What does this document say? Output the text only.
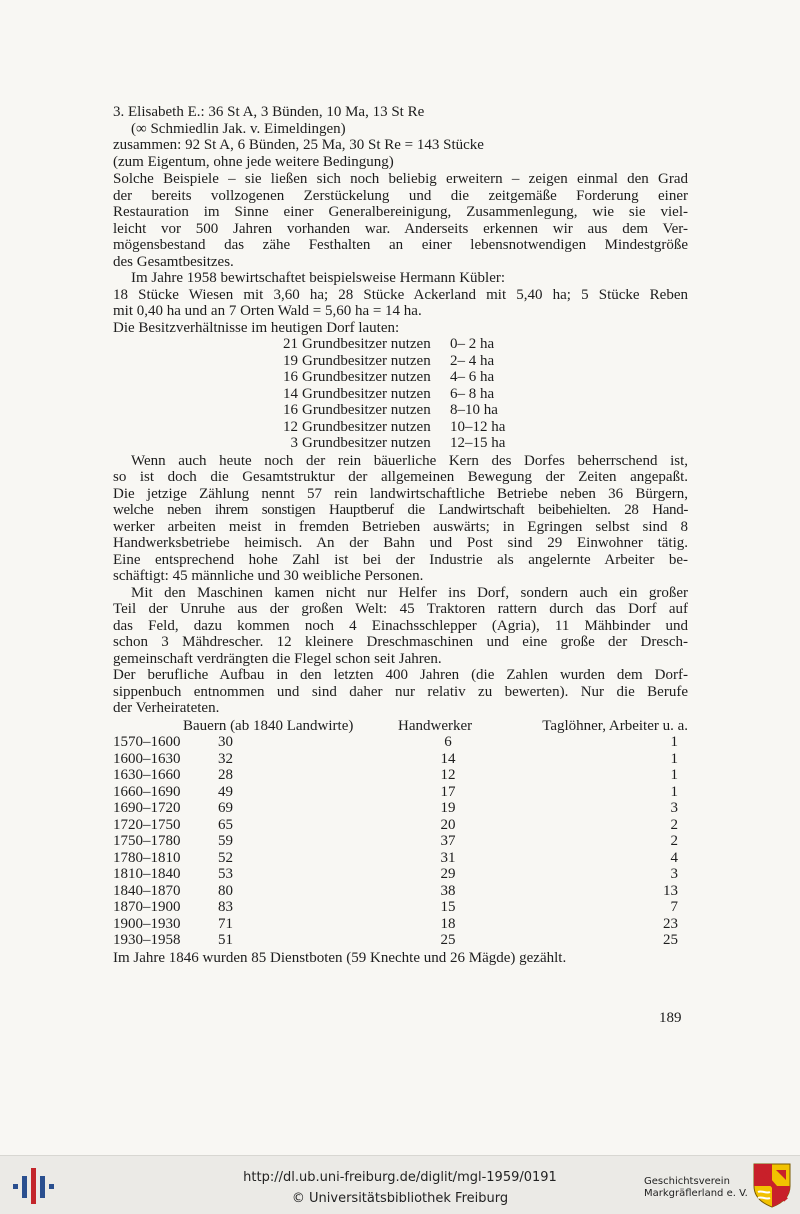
3. Elisabeth E.: 36 St A, 3 Bünden, 10 Ma, 13 St Re
(∞ Schmiedlin Jak. v. Eimeldingen)
zusammen: 92 St A, 6 Bünden, 25 Ma, 30 St Re = 143 Stücke
(zum Eigentum, ohne jede weitere Bedingung)
Solche Beispiele – sie ließen sich noch beliebig erweitern – zeigen einmal den Grad
der bereits vollzogenen Zerstückelung und die zeitgemäße Forderung einer
Restauration im Sinne einer Generalbereinigung, Zusammenlegung, wie sie viel-
leicht vor 500 Jahren vorhanden war. Anderseits erkennen wir aus dem Ver-
mögensbestand das zähe Festhalten an einer lebensnotwendigen Mindestgröße
des Gesamtbesitzes.
Im Jahre 1958 bewirtschaftet beispielsweise Hermann Kübler:
18 Stücke Wiesen mit 3,60 ha; 28 Stücke Ackerland mit 5,40 ha; 5 Stücke Reben
mit 0,40 ha und an 7 Orten Wald = 5,60 ha = 14 ha.
Die Besitzverhältnisse im heutigen Dorf lauten:
21 Grundbesitzer nutzen	0– 2 ha
19 Grundbesitzer nutzen	2– 4 ha
16 Grundbesitzer nutzen	4– 6 ha
14 Grundbesitzer nutzen	6– 8 ha
16 Grundbesitzer nutzen	8–10 ha
12 Grundbesitzer nutzen	10–12 ha
3 Grundbesitzer nutzen	12–15 ha
Wenn auch heute noch der rein bäuerliche Kern des Dorfes beherrschend ist,
so ist doch die Gesamtstruktur der allgemeinen Bewegung der Zeiten angepaßt.
Die jetzige Zählung nennt 57 rein landwirtschaftliche Betriebe neben 36 Bürgern,
welche neben ihrem sonstigen Hauptberuf die Landwirtschaft beibehielten. 28 Hand-
werker arbeiten meist in fremden Betrieben auswärts; in Egringen selbst sind 8
Handwerksbetriebe heimisch. An der Bahn und Post sind 29 Einwohner tätig.
Eine entsprechend hohe Zahl ist bei der Industrie als angelernte Arbeiter be-
schäftigt: 45 männliche und 30 weibliche Personen.
Mit den Maschinen kamen nicht nur Helfer ins Dorf, sondern auch ein großer
Teil der Unruhe aus der großen Welt: 45 Traktoren rattern durch das Dorf auf
das Feld, dazu kommen noch 4 Einachsschlepper (Agria), 11 Mähbinder und
schon 3 Mähdrescher. 12 kleinere Dreschmaschinen und eine große der Dresch-
gemeinschaft verdrängten die Flegel schon seit Jahren.
Der berufliche Aufbau in den letzten 400 Jahren (die Zahlen wurden dem Dorf-
sippenbuch entnommen und sind daher nur relativ zu bewerten). Nur die Berufe
der Verheirateten.
	Bauern (ab 1840 Landwirte)	Handwerker	Taglöhner, Arbeiter u. a.
1570–1600	30	6	1
1600–1630	32	14	1
1630–1660	28	12	1
1660–1690	49	17	1
1690–1720	69	19	3
1720–1750	65	20	2
1750–1780	59	37	2
1780–1810	52	31	4
1810–1840	53	29	3
1840–1870	80	38	13
1870–1900	83	15	7
1900–1930	71	18	23
1930–1958	51	25	25
Im Jahre 1846 wurden 85 Dienstboten (59 Knechte und 26 Mägde) gezählt.
189
http://dl.ub.uni-freiburg.de/diglit/mgl-1959/0191
© Universitätsbibliothek Freiburg
Geschichtsverein
Markgräflerland e. V.
